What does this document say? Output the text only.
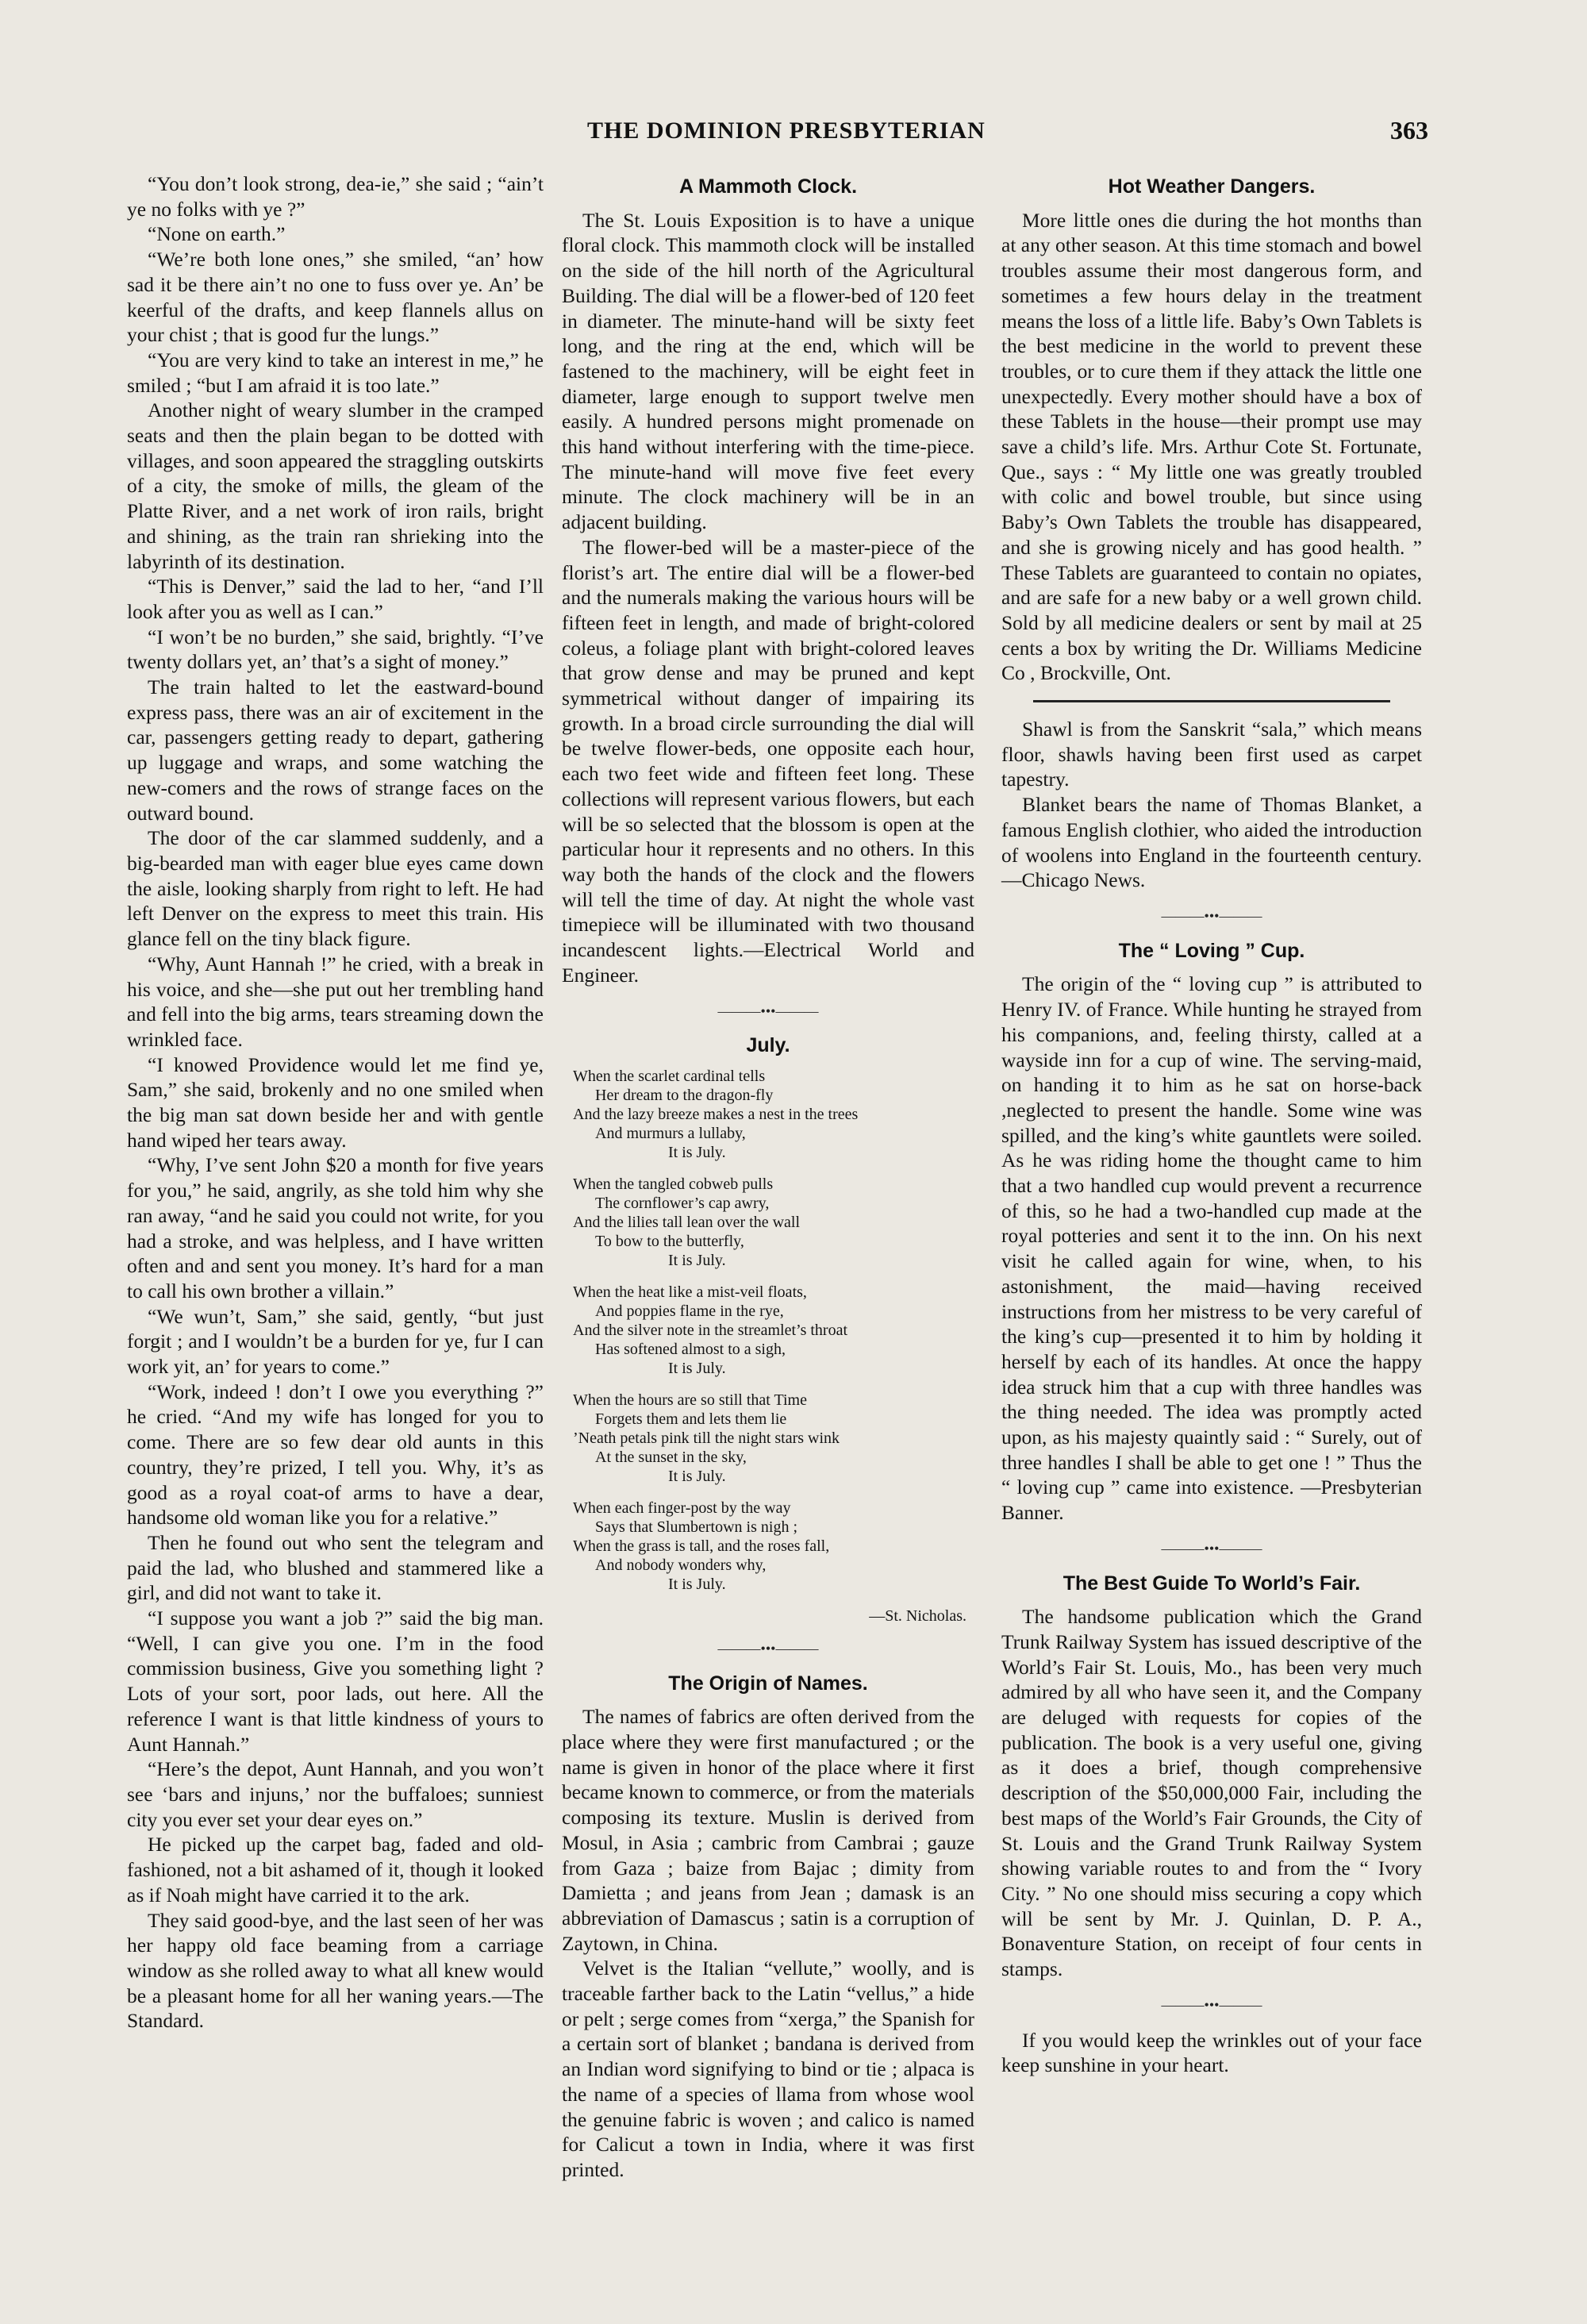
THE DOMINION PRESBYTERIAN	363

“You don’t look strong, dea-ie,” she said ; “ain’t ye no folks with ye ?”

“None on earth.”

“We’re both lone ones,” she smiled, “an’ how sad it be there ain’t no one to fuss over ye. An’ be keerful of the drafts, and keep flannels allus on your chist ; that is good fur the lungs.”

“You are very kind to take an interest in me,” he smiled ; “but I am afraid it is too late.”

Another night of weary slumber in the cramped seats and then the plain began to be dotted with villages, and soon appeared the straggling outskirts of a city, the smoke of mills, the gleam of the Platte River, and a net work of iron rails, bright and shining, as the train ran shrieking into the labyrinth of its destination.

“This is Denver,” said the lad to her, “and I’ll look after you as well as I can.”

“I won’t be no burden,” she said, brightly. “I’ve twenty dollars yet, an’ that’s a sight of money.”

The train halted to let the eastward-bound express pass, there was an air of excitement in the car, passengers getting ready to depart, gathering up luggage and wraps, and some watching the new-comers and the rows of strange faces on the outward bound.

The door of the car slammed suddenly, and a big-bearded man with eager blue eyes came down the aisle, looking sharply from right to left. He had left Denver on the express to meet this train. His glance fell on the tiny black figure.

“Why, Aunt Hannah !” he cried, with a break in his voice, and she—she put out her trembling hand and fell into the big arms, tears streaming down the wrinkled face.

“I knowed Providence would let me find ye, Sam,” she said, brokenly and no one smiled when the big man sat down beside her and with gentle hand wiped her tears away.

“Why, I’ve sent John $20 a month for five years for you,” he said, angrily, as she told him why she ran away, “and he said you could not write, for you had a stroke, and was helpless, and I have written often and and sent you money. It’s hard for a man to call his own brother a villain.”

“We wun’t, Sam,” she said, gently, “but just forgit ; and I wouldn’t be a burden for ye, fur I can work yit, an’ for years to come.”

“Work, indeed ! don’t I owe you everything ?” he cried. “And my wife has longed for you to come. There are so few dear old aunts in this country, they’re prized, I tell you. Why, it’s as good as a royal coat-of arms to have a dear, handsome old woman like you for a relative.”

Then he found out who sent the telegram and paid the lad, who blushed and stammered like a girl, and did not want to take it.

“I suppose you want a job ?” said the big man. “Well, I can give you one. I’m in the food commission business, Give you something light ? Lots of your sort, poor lads, out here. All the reference I want is that little kindness of yours to Aunt Hannah.”

“Here’s the depot, Aunt Hannah, and you won’t see ‘bars and injuns,’ nor the buffaloes; sunniest city you ever set your dear eyes on.”

He picked up the carpet bag, faded and old-fashioned, not a bit ashamed of it, though it looked as if Noah might have carried it to the ark.

They said good-bye, and the last seen of her was her happy old face beaming from a carriage window as she rolled away to what all knew would be a pleasant home for all her waning years.—The Standard.

A Mammoth Clock.

The St. Louis Exposition is to have a unique floral clock. This mammoth clock will be installed on the side of the hill north of the Agricultural Building. The dial will be a flower-bed of 120 feet in diameter. The minute-hand will be sixty feet long, and the ring at the end, which will be fastened to the machinery, will be eight feet in diameter, large enough to support twelve men easily. A hundred persons might promenade on this hand without interfering with the time-piece. The minute-hand will move five feet every minute. The clock machinery will be in an adjacent building.

The flower-bed will be a master-piece of the florist’s art. The entire dial will be a flower-bed and the numerals making the various hours will be fifteen feet in length, and made of bright-colored coleus, a foliage plant with bright-colored leaves that grow dense and may be pruned and kept symmetrical without danger of impairing its growth. In a broad circle surrounding the dial will be twelve flower-beds, one opposite each hour, each two feet wide and fifteen feet long. These collections will represent various flowers, but each will be so selected that the blossom is open at the particular hour it represents and no others. In this way both the hands of the clock and the flowers will tell the time of day. At night the whole vast timepiece will be illuminated with two thousand incandescent lights.—Electrical World and Engineer.

———•••———
July.
When the scarlet cardinal tells
Her dream to the dragon-fly
And the lazy breeze makes a nest in the trees
And murmurs a lullaby,
It is July.
When the tangled cobweb pulls
The cornflower’s cap awry,
And the lilies tall lean over the wall
To bow to the butterfly,
It is July.
When the heat like a mist-veil floats,
And poppies flame in the rye,
And the silver note in the streamlet’s throat
Has softened almost to a sigh,
It is July.
When the hours are so still that Time
Forgets them and lets them lie
’Neath petals pink till the night stars wink
At the sunset in the sky,
It is July.
When each finger-post by the way
Says that Slumbertown is nigh ;
When the grass is tall, and the roses fall,
And nobody wonders why,
It is July.
—St. Nicholas.
———•••———
The Origin of Names.

The names of fabrics are often derived from the place where they were first manufactured ; or the name is given in honor of the place where it first became known to commerce, or from the materials composing its texture. Muslin is derived from Mosul, in Asia ; cambric from Cambrai ; gauze from Gaza ; baize from Bajac ; dimity from Damietta ; and jeans from Jean ; damask is an abbreviation of Damascus ; satin is a corruption of Zaytown, in China.

Velvet is the Italian “vellute,” woolly, and is traceable farther back to the Latin “vellus,” a hide or pelt ; serge comes from “xerga,” the Spanish for a certain sort of blanket ; bandana is derived from an Indian word signifying to bind or tie ; alpaca is the name of a species of llama from whose wool the genuine fabric is woven ; and calico is named for Calicut a town in India, where it was first printed.

Hot Weather Dangers.

More little ones die during the hot months than at any other season. At this time stomach and bowel troubles assume their most dangerous form, and sometimes a few hours delay in the treatment means the loss of a little life. Baby’s Own Tablets is the best medicine in the world to prevent these troubles, or to cure them if they attack the little one unexpectedly. Every mother should have a box of these Tablets in the house—their prompt use may save a child’s life. Mrs. Arthur Cote St. Fortunate, Que., says : “ My little one was greatly troubled with colic and bowel trouble, but since using Baby’s Own Tablets the trouble has disappeared, and she is growing nicely and has good health. ” These Tablets are guaranteed to contain no opiates, and are safe for a new baby or a well grown child. Sold by all medicine dealers or sent by mail at 25 cents a box by writing the Dr. Williams Medicine Co , Brockville, Ont.

Shawl is from the Sanskrit “sala,” which means floor, shawls having been first used as carpet tapestry.

Blanket bears the name of Thomas Blanket, a famous English clothier, who aided the introduction of woolens into England in the fourteenth century.—Chicago News.

———•••———
The “ Loving ” Cup.

The origin of the “ loving cup ” is attributed to Henry IV. of France. While hunting he strayed from his companions, and, feeling thirsty, called at a wayside inn for a cup of wine. The serving-maid, on handing it to him as he sat on horse-back ,neglected to present the handle. Some wine was spilled, and the king’s white gauntlets were soiled. As he was riding home the thought came to him that a two handled cup would prevent a recurrence of this, so he had a two-handled cup made at the royal potteries and sent it to the inn. On his next visit he called again for wine, when, to his astonishment, the maid—having received instructions from her mistress to be very careful of the king’s cup—presented it to him by holding it herself by each of its handles. At once the happy idea struck him that a cup with three handles was the thing needed. The idea was promptly acted upon, as his majesty quaintly said : “ Surely, out of three handles I shall be able to get one ! ” Thus the “ loving cup ” came into existence. —Presbyterian Banner.

———•••———
The Best Guide To World’s Fair.

The handsome publication which the Grand Trunk Railway System has issued descriptive of the World’s Fair St. Louis, Mo., has been very much admired by all who have seen it, and the Company are deluged with requests for copies of the publication. The book is a very useful one, giving as it does a brief, though comprehensive description of the $50,000,000 Fair, including the best maps of the World’s Fair Grounds, the City of St. Louis and the Grand Trunk Railway System showing variable routes to and from the “ Ivory City. ” No one should miss securing a copy which will be sent by Mr. J. Quinlan, D. P. A., Bonaventure Station, on receipt of four cents in stamps.

———•••———

If you would keep the wrinkles out of your face keep sunshine in your heart.
